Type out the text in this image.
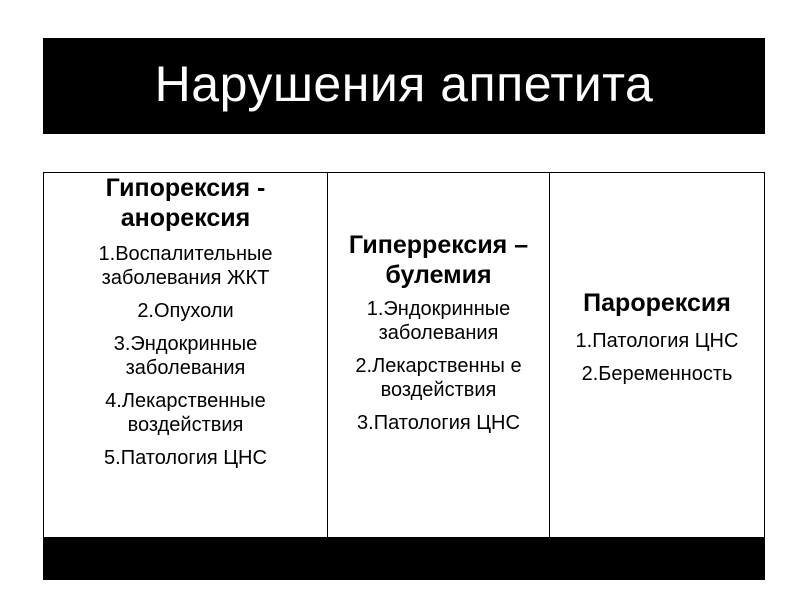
Нарушения аппетита
Гипорексия - анорексия
1.Воспалительные заболевания ЖКТ
2.Опухоли
3.Эндокринные заболевания
4.Лекарственные воздействия
5.Патология ЦНС
Гиперрексия – булемия
1.Эндокринные заболевания
2.Лекарственны е воздействия
3.Патология ЦНС
Парорексия
1.Патология ЦНС
2.Беременность
